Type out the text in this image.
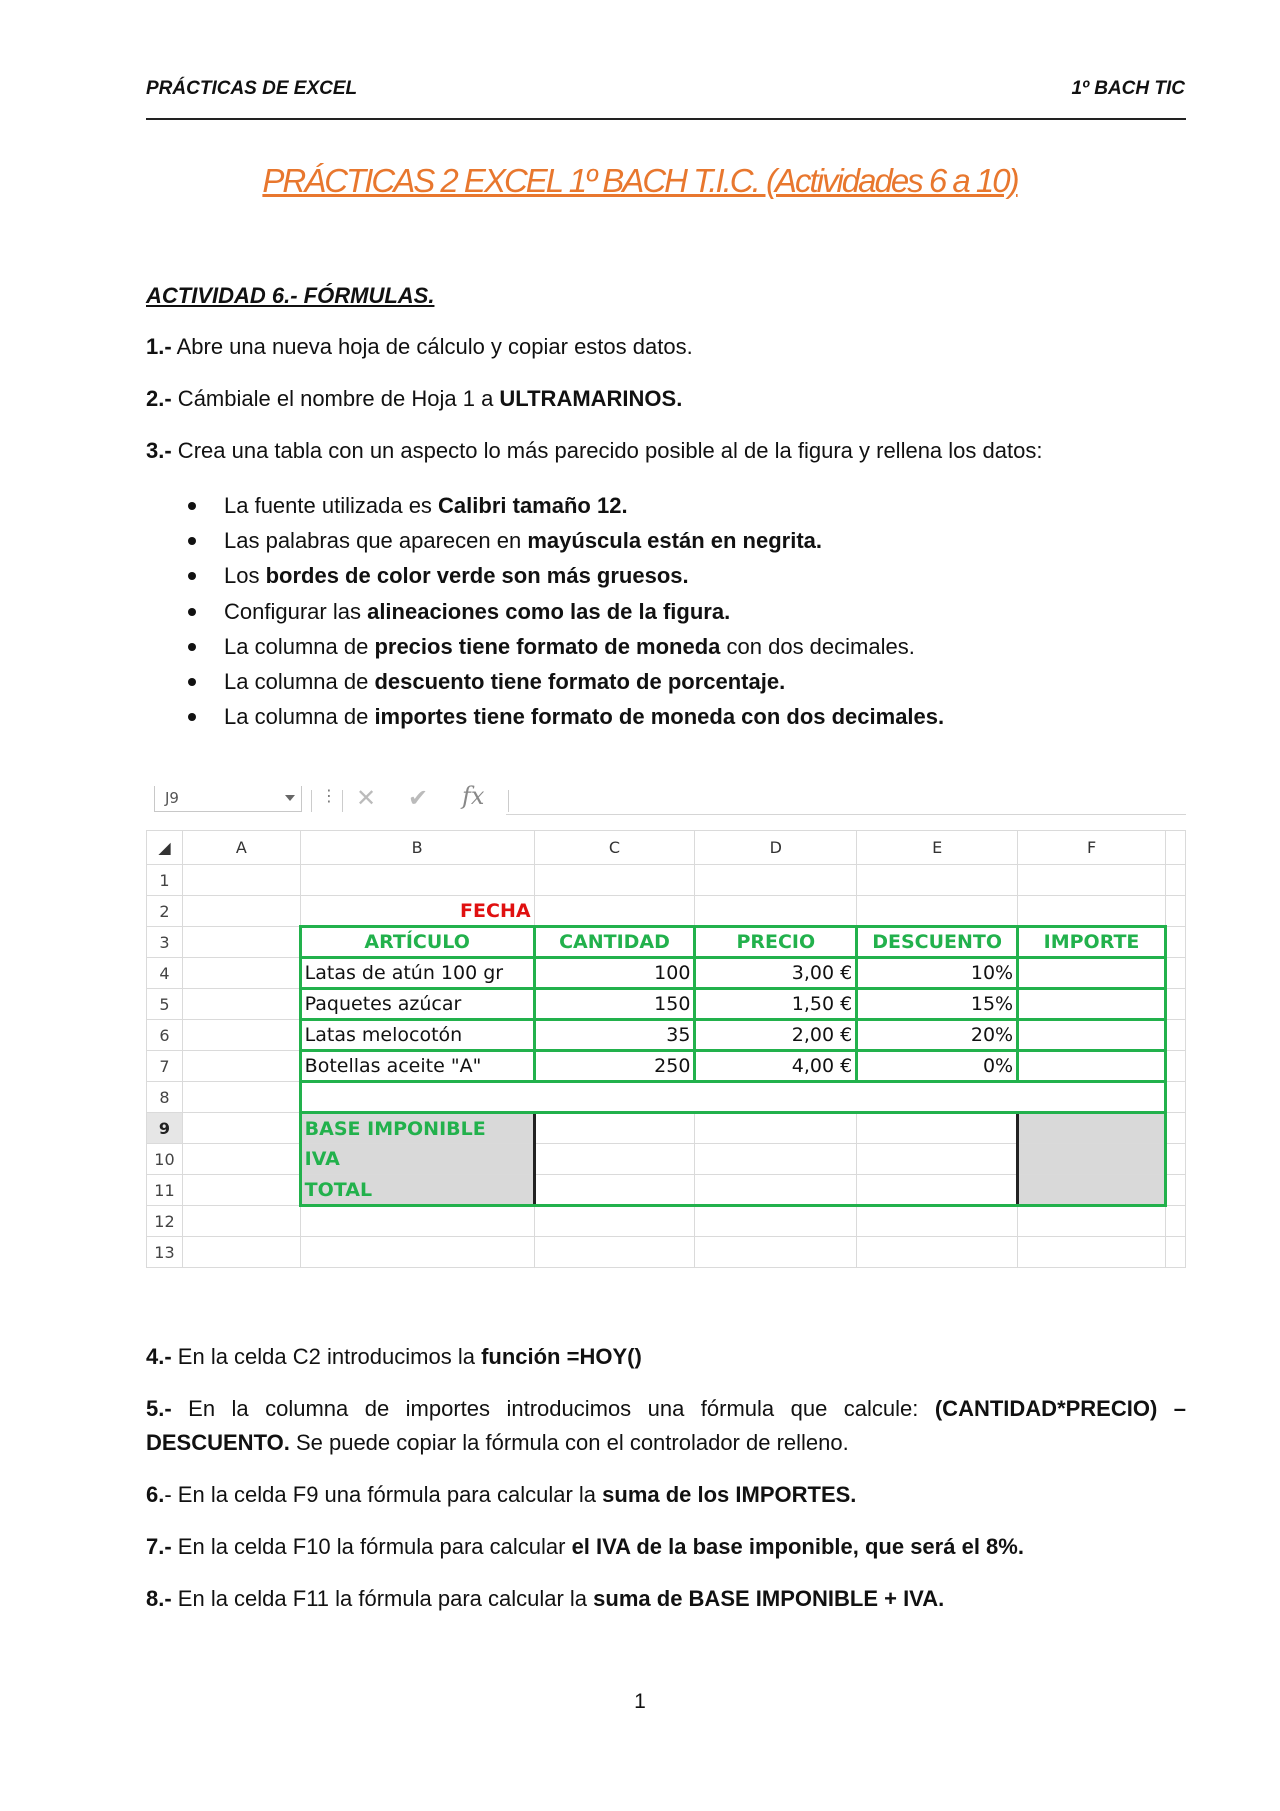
PRÁCTICAS DE EXCEL	1º BACH TIC
PRÁCTICAS 2 EXCEL 1º BACH T.I.C. (Actividades 6 a 10)
ACTIVIDAD 6.- FÓRMULAS.
1.- Abre una nueva hoja de cálculo y copiar estos datos.
2.- Cámbiale el nombre de Hoja 1 a ULTRAMARINOS.
3.- Crea una tabla con un aspecto lo más parecido posible al de la figura y rellena los datos:
La fuente utilizada es Calibri tamaño 12.
Las palabras que aparecen en mayúscula están en negrita.
Los bordes de color verde son más gruesos.
Configurar las alineaciones como las de la figura.
La columna de precios tiene formato de moneda con dos decimales.
La columna de descuento tiene formato de porcentaje.
La columna de importes tiene formato de moneda con dos decimales.
J9	⋮ ✕ ✔ fx
◢	A	B	C	D	E	F	
1							
2		FECHA					
3		ARTÍCULO	CANTIDAD	PRECIO	DESCUENTO	IMPORTE	
4		Latas de atún 100 gr	100	3,00 €	10%		
5		Paquetes azúcar	150	1,50 €	15%		
6		Latas melocotón	35	2,00 €	20%		
7		Botellas aceite "A"	250	4,00 €	0%		
8							
9		BASE IMPONIBLE					
10		IVA					
11		TOTAL					
12							
13							
4.- En la celda C2 introducimos la función =HOY()
5.- En la columna de importes introducimos una fórmula que calcule: (CANTIDAD*PRECIO) – DESCUENTO. Se puede copiar la fórmula con el controlador de relleno.
6.- En la celda F9 una fórmula para calcular la suma de los IMPORTES.
7.- En la celda F10 la fórmula para calcular el IVA de la base imponible, que será el 8%.
8.- En la celda F11 la fórmula para calcular la suma de BASE IMPONIBLE + IVA.
1
